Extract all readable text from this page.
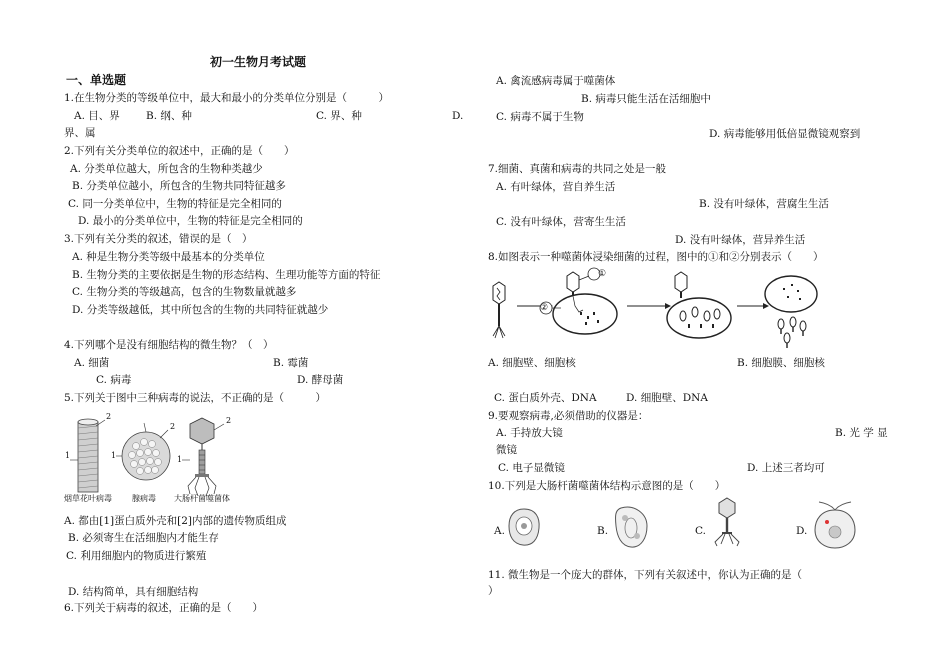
初一生物月考试题
一、单选题
1.在生物分类的等级单位中，最大和最小的分类单位分别是（　　　）
A. 目、界 B. 纲、种	C. 界、种	D.
界、属
2.下列有关分类单位的叙述中，正确的是（　　）
A. 分类单位越大，所包含的生物种类越少
B. 分类单位越小，所包含的生物共同特征越多
C. 同一分类单位中，生物的特征是完全相同的
D. 最小的分类单位中，生物的特征是完全相同的
3.下列有关分类的叙述，错误的是（　）
A. 种是生物分类等级中最基本的分类单位
B. 生物分类的主要依据是生物的形态结构、生理功能等方面的特征
C. 生物分类的等级越高，包含的生物数量就越多
D. 分类等级越低，其中所包含的生物的共同特征就越少
4.下列哪个是没有细胞结构的微生物？（　）
A. 细菌	B. 霉菌
C. 病毒	D. 酵母菌
5.下列关于图中三种病毒的说法，不正确的是（　　　）
1
2
1
2
1
2
烟草花叶病毒	腺病毒 大肠杆菌噬菌体
A. 都由[1]蛋白质外壳和[2]内部的遗传物质组成
B. 必须寄生在活细胞内才能生存
C. 利用细胞内的物质进行繁殖
D. 结构简单，具有细胞结构
6.下列关于病毒的叙述，正确的是（　　）
A. 禽流感病毒属于噬菌体
B. 病毒只能生活在活细胞中
C. 病毒不属于生物
D. 病毒能够用低倍显微镜观察到
7.细菌、真菌和病毒的共同之处是一般
A. 有叶绿体，营自养生活
B. 没有叶绿体，营腐生生活
C. 没有叶绿体，营寄生生活
D. 没有叶绿体，营异养生活
8.如图表示一种噬菌体浸染细菌的过程，图中的①和②分别表示（　　）
①
②
A. 细胞壁、细胞核	B. 细胞膜、细胞核
C. 蛋白质外壳、DNA	D. 细胞壁、DNA
9.要观察病毒,必须借助的仪器是：
A. 手持放大镜	B. 光 学 显
微镜
C. 电子显微镜	D. 上述三者均可
10.下列是大肠杆菌噬菌体结构示意图的是（　　）
A.	B.	C.	D.
11. 微生物是一个庞大的群体，下列有关叙述中，你认为正确的是（
）
